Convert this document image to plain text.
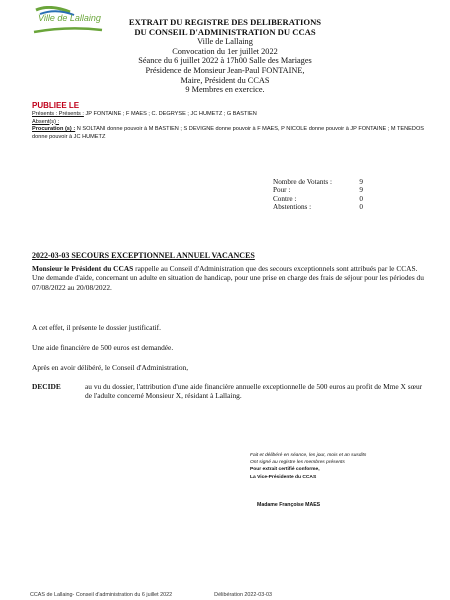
Ville de Lallaing	EXTRAIT DU REGISTRE DES DELIBERATIONS
DU CONSEIL D'ADMINISTRATION DU CCAS
Ville de Lallaing
Convocation du 1er juillet 2022
Séance du 6 juillet 2022 à 17h00 Salle des Mariages
Présidence de Monsieur Jean-Paul FONTAINE,
Maire, Président du CCAS
9 Membres en exercice.
PUBLIEE LE
Présents : Présents : JP FONTAINE ; F MAES ; C. DEGRYSE ; JC HUMETZ ; G BASTIEN
Absent(s) :
Procuration (s) : N SOLTANI donne pouvoir à M BASTIEN ; S DEVIGNE donne pouvoir à F MAES, P NICOLE donne pouvoir à JP FONTAINE ; M TENEDOS donne pouvoir à JC HUMETZ
Nombre de Votants :	9
Pour :	9
Contre :	0
Abstentions :	0
2022-03-03 SECOURS EXCEPTIONNEL ANNUEL VACANCES
Monsieur le Président du CCAS rappelle au Conseil d'Administration que des secours exceptionnels sont attribués par le CCAS. Une demande d'aide, concernant un adulte en situation de handicap, pour une prise en charge des frais de séjour pour les périodes du 07/08/2022 au 20/08/2022.
A cet effet, il présente le dossier justificatif.
Une aide financière de 500 euros est demandée.
Après en avoir délibéré, le Conseil d'Administration,
DECIDE	au vu du dossier, l'attribution d'une aide financière annuelle exceptionnelle de 500 euros au profit de Mme X sœur de l'adulte concerné Monsieur X, résidant à Lallaing.
Fait et délibéré en séance, les jour, mois et an susdits
Ont signé au registre les membres présents
Pour extrait certifié conforme,
La Vice-Présidente du CCAS
Madame Françoise MAES
CCAS de Lallaing- Conseil d'administration du 6 juillet 2022	Délibération 2022-03-03
